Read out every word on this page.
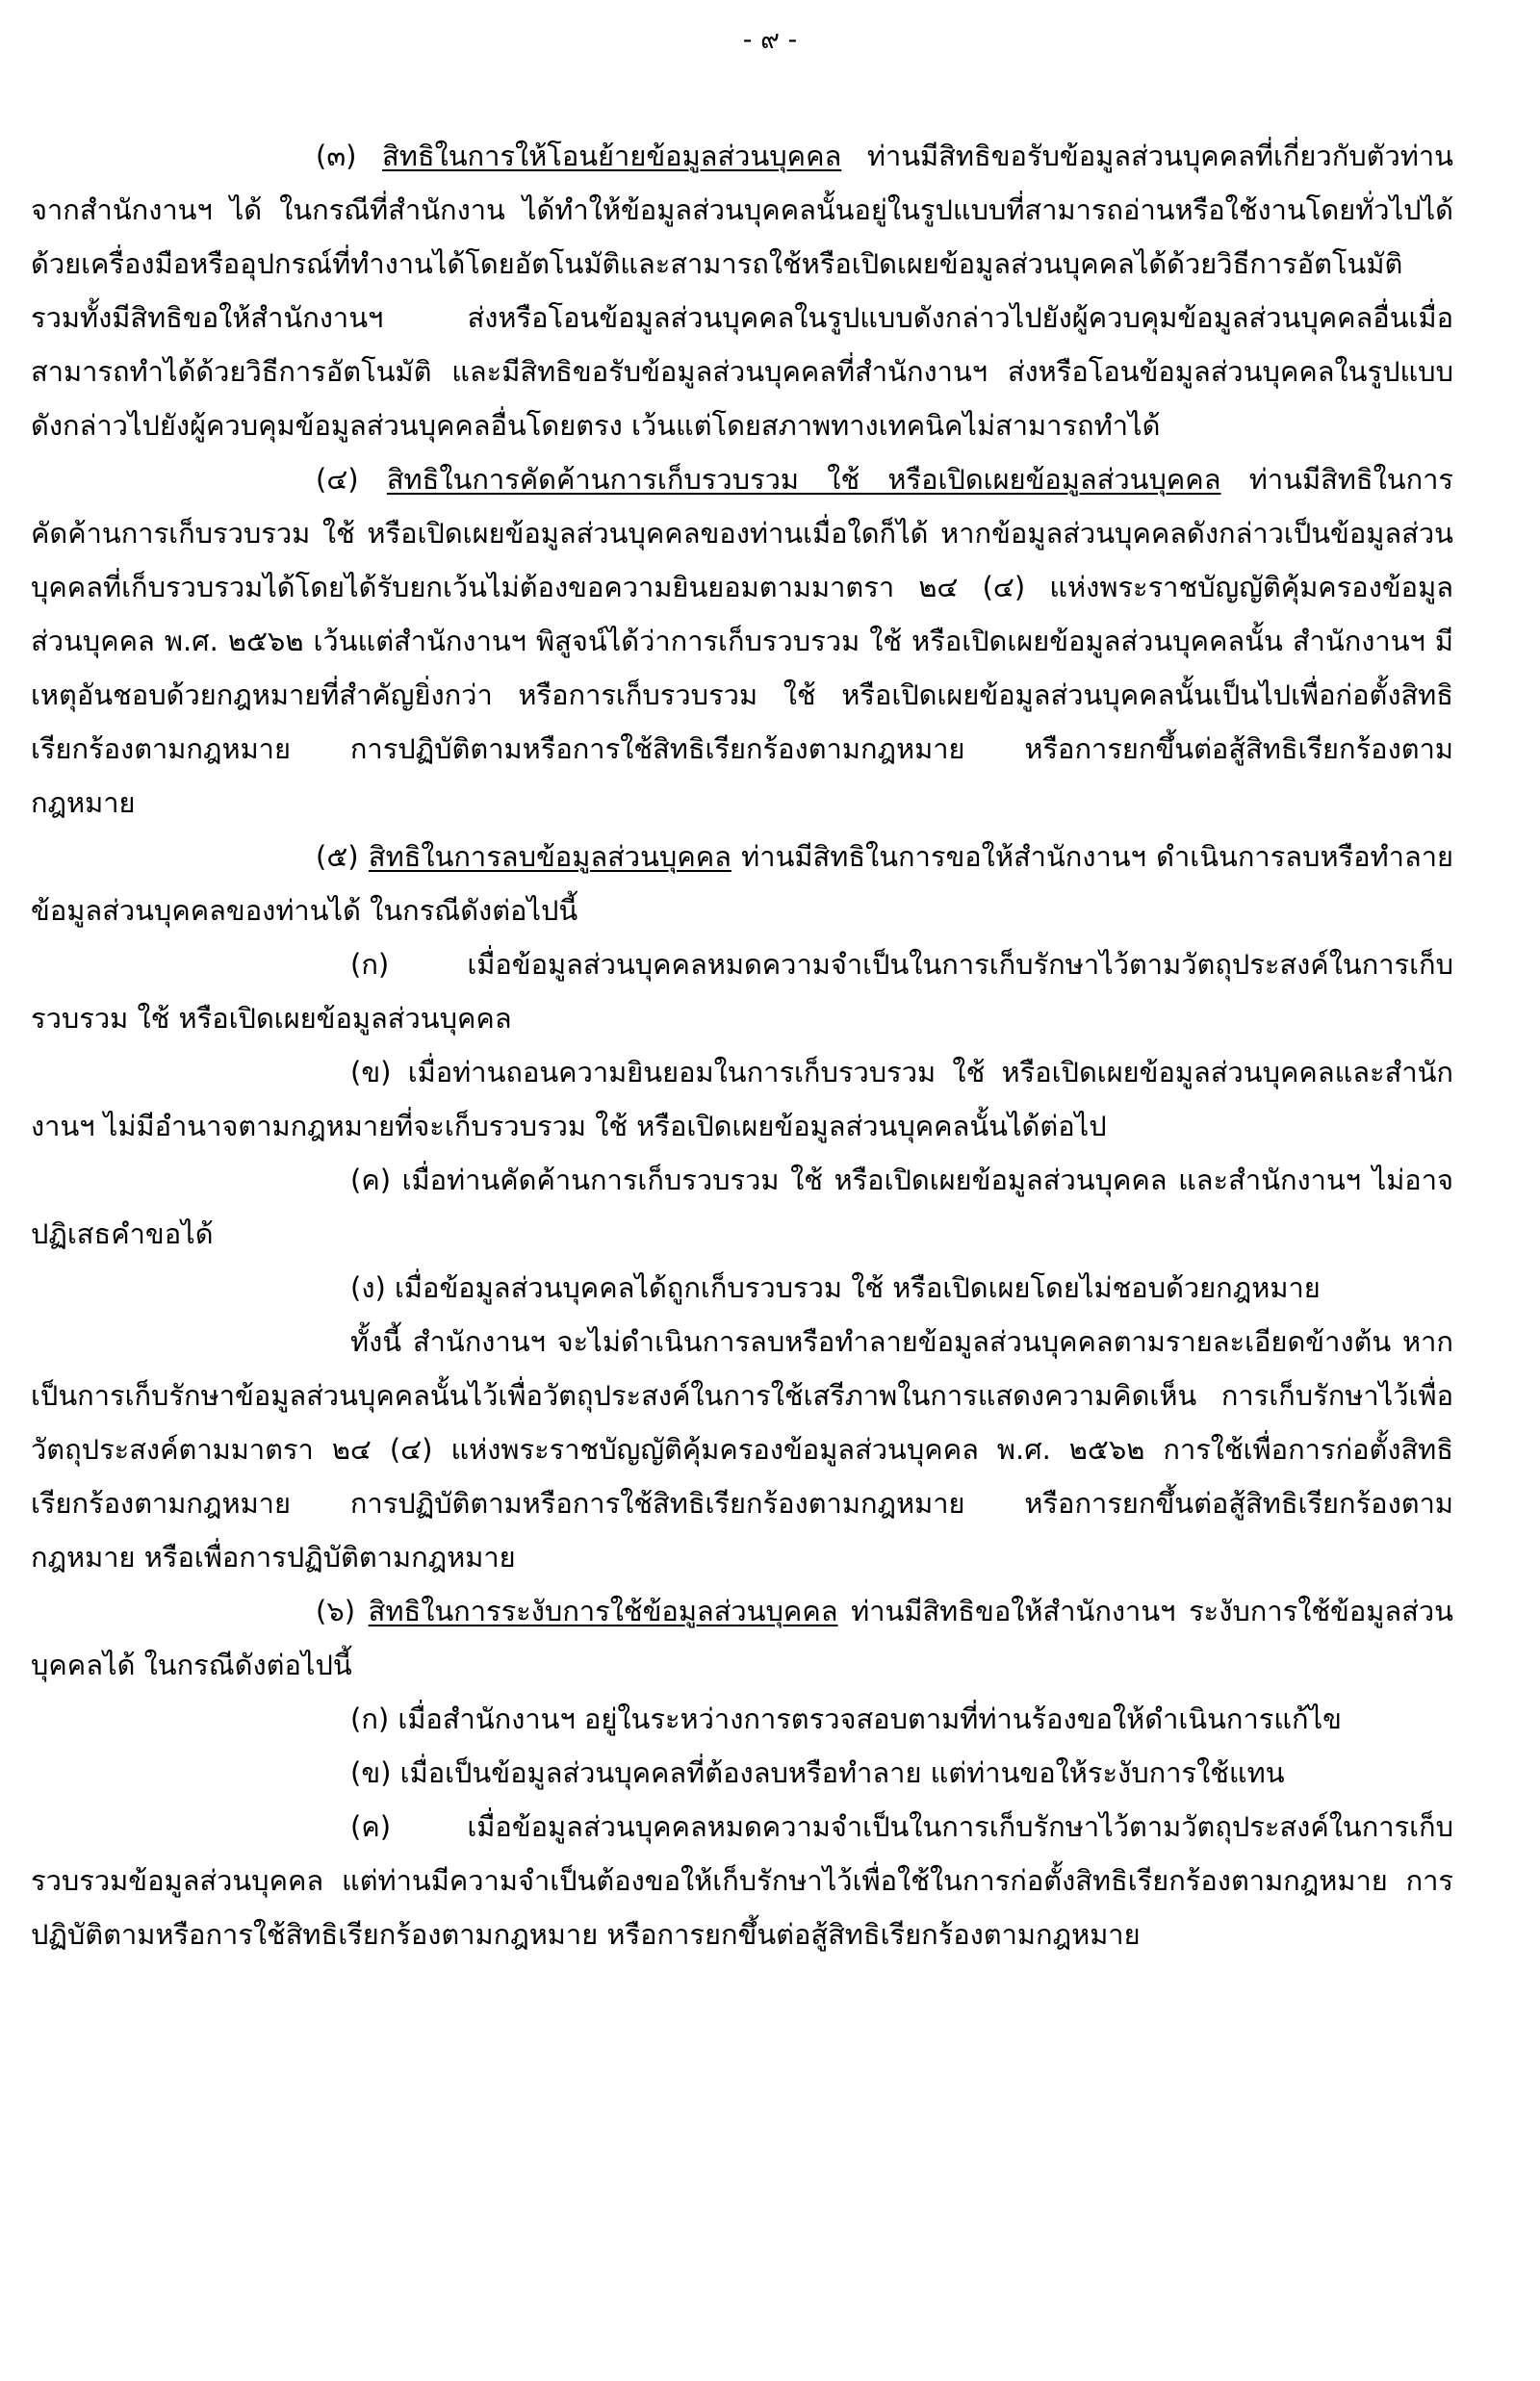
- ๙ -

(๓) สิทธิในการให้โอนย้ายข้อมูลส่วนบุคคล ท่านมีสิทธิขอรับข้อมูลส่วนบุคคลที่เกี่ยวกับตัวท่านจากสำนักงานฯ ได้ ในกรณีที่สำนักงาน ได้ทำให้ข้อมูลส่วนบุคคลนั้นอยู่ในรูปแบบที่สามารถอ่านหรือใช้งานโดยทั่วไปได้ด้วยเครื่องมือหรืออุปกรณ์ที่ทำงานได้โดยอัตโนมัติและสามารถใช้หรือเปิดเผยข้อมูลส่วนบุคคลได้ด้วยวิธีการอัตโนมัติ รวมทั้งมีสิทธิขอให้สำนักงานฯ ส่งหรือโอนข้อมูลส่วนบุคคลในรูปแบบดังกล่าวไปยังผู้ควบคุมข้อมูลส่วนบุคคลอื่นเมื่อสามารถทำได้ด้วยวิธีการอัตโนมัติ และมีสิทธิขอรับข้อมูลส่วนบุคคลที่สำนักงานฯ ส่งหรือโอนข้อมูลส่วนบุคคลในรูปแบบดังกล่าวไปยังผู้ควบคุมข้อมูลส่วนบุคคลอื่นโดยตรง เว้นแต่โดยสภาพทางเทคนิคไม่สามารถทำได้

(๔) สิทธิในการคัดค้านการเก็บรวบรวม ใช้ หรือเปิดเผยข้อมูลส่วนบุคคล ท่านมีสิทธิในการคัดค้านการเก็บรวบรวม ใช้ หรือเปิดเผยข้อมูลส่วนบุคคลของท่านเมื่อใดก็ได้ หากข้อมูลส่วนบุคคลดังกล่าวเป็นข้อมูลส่วนบุคคลที่เก็บรวบรวมได้โดยได้รับยกเว้นไม่ต้องขอความยินยอมตามมาตรา ๒๔ (๔) แห่งพระราชบัญญัติคุ้มครองข้อมูลส่วนบุคคล พ.ศ. ๒๕๖๒ เว้นแต่สำนักงานฯ พิสูจน์ได้ว่าการเก็บรวบรวม ใช้ หรือเปิดเผยข้อมูลส่วนบุคคลนั้น สำนักงานฯ มีเหตุอันชอบด้วยกฎหมายที่สำคัญยิ่งกว่า หรือการเก็บรวบรวม ใช้ หรือเปิดเผยข้อมูลส่วนบุคคลนั้นเป็นไปเพื่อก่อตั้งสิทธิเรียกร้องตามกฎหมาย การปฏิบัติตามหรือการใช้สิทธิเรียกร้องตามกฎหมาย หรือการยกขึ้นต่อสู้สิทธิเรียกร้องตามกฎหมาย

(๕) สิทธิในการลบข้อมูลส่วนบุคคล ท่านมีสิทธิในการขอให้สำนักงานฯ ดำเนินการลบหรือทำลายข้อมูลส่วนบุคคลของท่านได้ ในกรณีดังต่อไปนี้

(ก) เมื่อข้อมูลส่วนบุคคลหมดความจำเป็นในการเก็บรักษาไว้ตามวัตถุประสงค์ในการเก็บรวบรวม ใช้ หรือเปิดเผยข้อมูลส่วนบุคคล

(ข) เมื่อท่านถอนความยินยอมในการเก็บรวบรวม ใช้ หรือเปิดเผยข้อมูลส่วนบุคคลและสำนักงานฯ ไม่มีอำนาจตามกฎหมายที่จะเก็บรวบรวม ใช้ หรือเปิดเผยข้อมูลส่วนบุคคลนั้นได้ต่อไป

(ค) เมื่อท่านคัดค้านการเก็บรวบรวม ใช้ หรือเปิดเผยข้อมูลส่วนบุคคล และสำนักงานฯ ไม่อาจปฏิเสธคำขอได้

(ง) เมื่อข้อมูลส่วนบุคคลได้ถูกเก็บรวบรวม ใช้ หรือเปิดเผยโดยไม่ชอบด้วยกฎหมาย

ทั้งนี้ สำนักงานฯ จะไม่ดำเนินการลบหรือทำลายข้อมูลส่วนบุคคลตามรายละเอียดข้างต้น หากเป็นการเก็บรักษาข้อมูลส่วนบุคคลนั้นไว้เพื่อวัตถุประสงค์ในการใช้เสรีภาพในการแสดงความคิดเห็น การเก็บรักษาไว้เพื่อวัตถุประสงค์ตามมาตรา ๒๔ (๔) แห่งพระราชบัญญัติคุ้มครองข้อมูลส่วนบุคคล พ.ศ. ๒๕๖๒ การใช้เพื่อการก่อตั้งสิทธิเรียกร้องตามกฎหมาย การปฏิบัติตามหรือการใช้สิทธิเรียกร้องตามกฎหมาย หรือการยกขึ้นต่อสู้สิทธิเรียกร้องตามกฎหมาย หรือเพื่อการปฏิบัติตามกฎหมาย

(๖) สิทธิในการระงับการใช้ข้อมูลส่วนบุคคล ท่านมีสิทธิขอให้สำนักงานฯ ระงับการใช้ข้อมูลส่วนบุคคลได้ ในกรณีดังต่อไปนี้

(ก) เมื่อสำนักงานฯ อยู่ในระหว่างการตรวจสอบตามที่ท่านร้องขอให้ดำเนินการแก้ไข

(ข) เมื่อเป็นข้อมูลส่วนบุคคลที่ต้องลบหรือทำลาย แต่ท่านขอให้ระงับการใช้แทน

(ค) เมื่อข้อมูลส่วนบุคคลหมดความจำเป็นในการเก็บรักษาไว้ตามวัตถุประสงค์ในการเก็บรวบรวมข้อมูลส่วนบุคคล แต่ท่านมีความจำเป็นต้องขอให้เก็บรักษาไว้เพื่อใช้ในการก่อตั้งสิทธิเรียกร้องตามกฎหมาย การปฏิบัติตามหรือการใช้สิทธิเรียกร้องตามกฎหมาย หรือการยกขึ้นต่อสู้สิทธิเรียกร้องตามกฎหมาย
